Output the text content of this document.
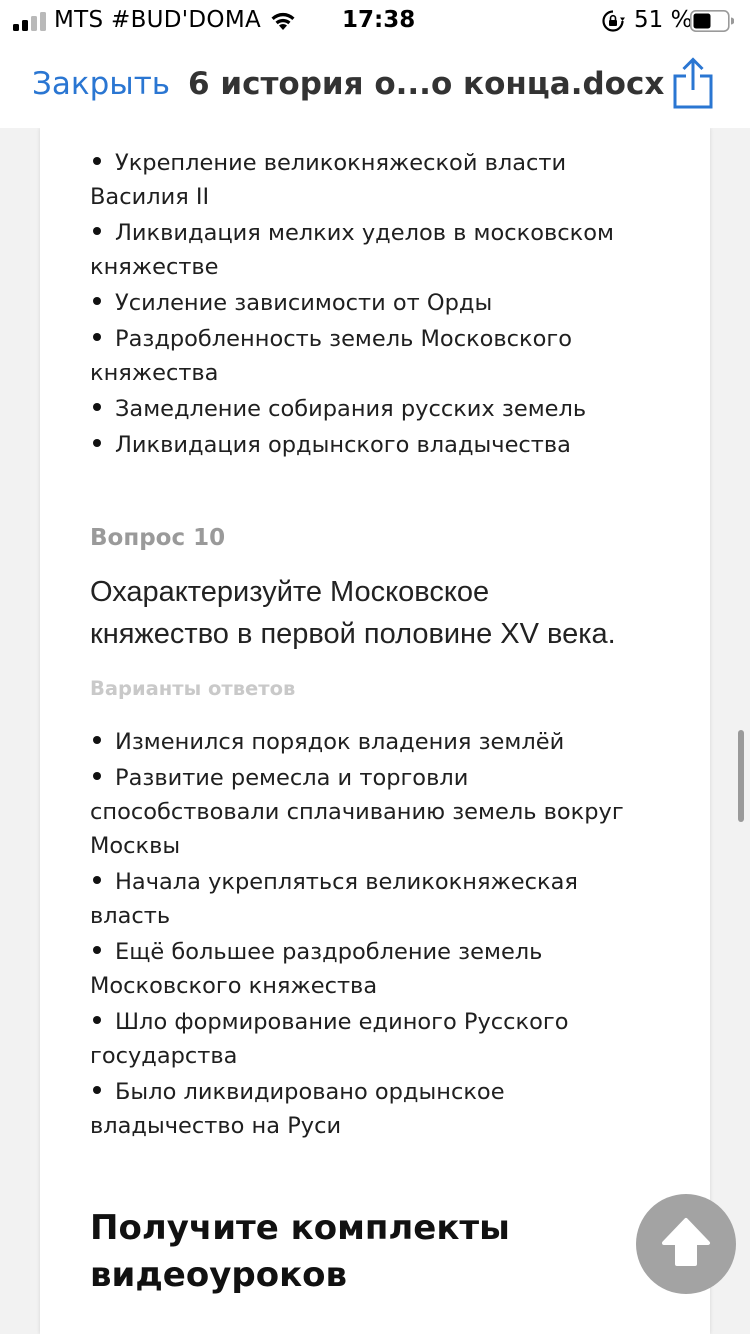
MTS #BUD'DOMA	17:38	51 %
Закрыть 6 история о...о конца.docx
Укрепление великокняжеской власти
Василия II
Ликвидация мелких уделов в московском
княжестве
Усиление зависимости от Орды
Раздробленность земель Московского
княжества
Замедление собирания русских земель
Ликвидация ордынского владычества
Вопрос 10
Охарактеризуйте Московское
княжество в первой половине XV века.
Варианты ответов
Изменился порядок владения землёй
Развитие ремесла и торговли
способствовали сплачиванию земель вокруг
Москвы
Начала укрепляться великокняжеская
власть
Ещё большее раздробление земель
Московского княжества
Шло формирование единого Русского
государства
Было ликвидировано ордынское
владычество на Руси
Получите комплекты
видеоуроков
